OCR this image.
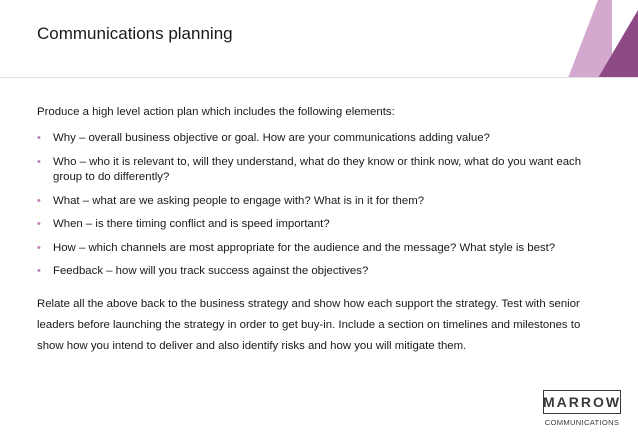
Communications planning
Produce a high level action plan which includes the following elements:
• Why – overall business objective or goal. How are your communications adding value?
• Who – who it is relevant to, will they understand, what do they know or think now, what do you want each group to do differently?
• What – what are we asking people to engage with? What is in it for them?
• When – is there timing conflict and is speed important?
• How – which channels are most appropriate for the audience and the message? What style is best?
• Feedback – how will you track success against the objectives?
Relate all the above back to the business strategy and show how each support the strategy. Test with senior leaders before launching the strategy in order to get buy-in. Include a section on timelines and milestones to show how you intend to deliver and also identify risks and how you will mitigate them.
MARROW
COMMUNICATIONS
